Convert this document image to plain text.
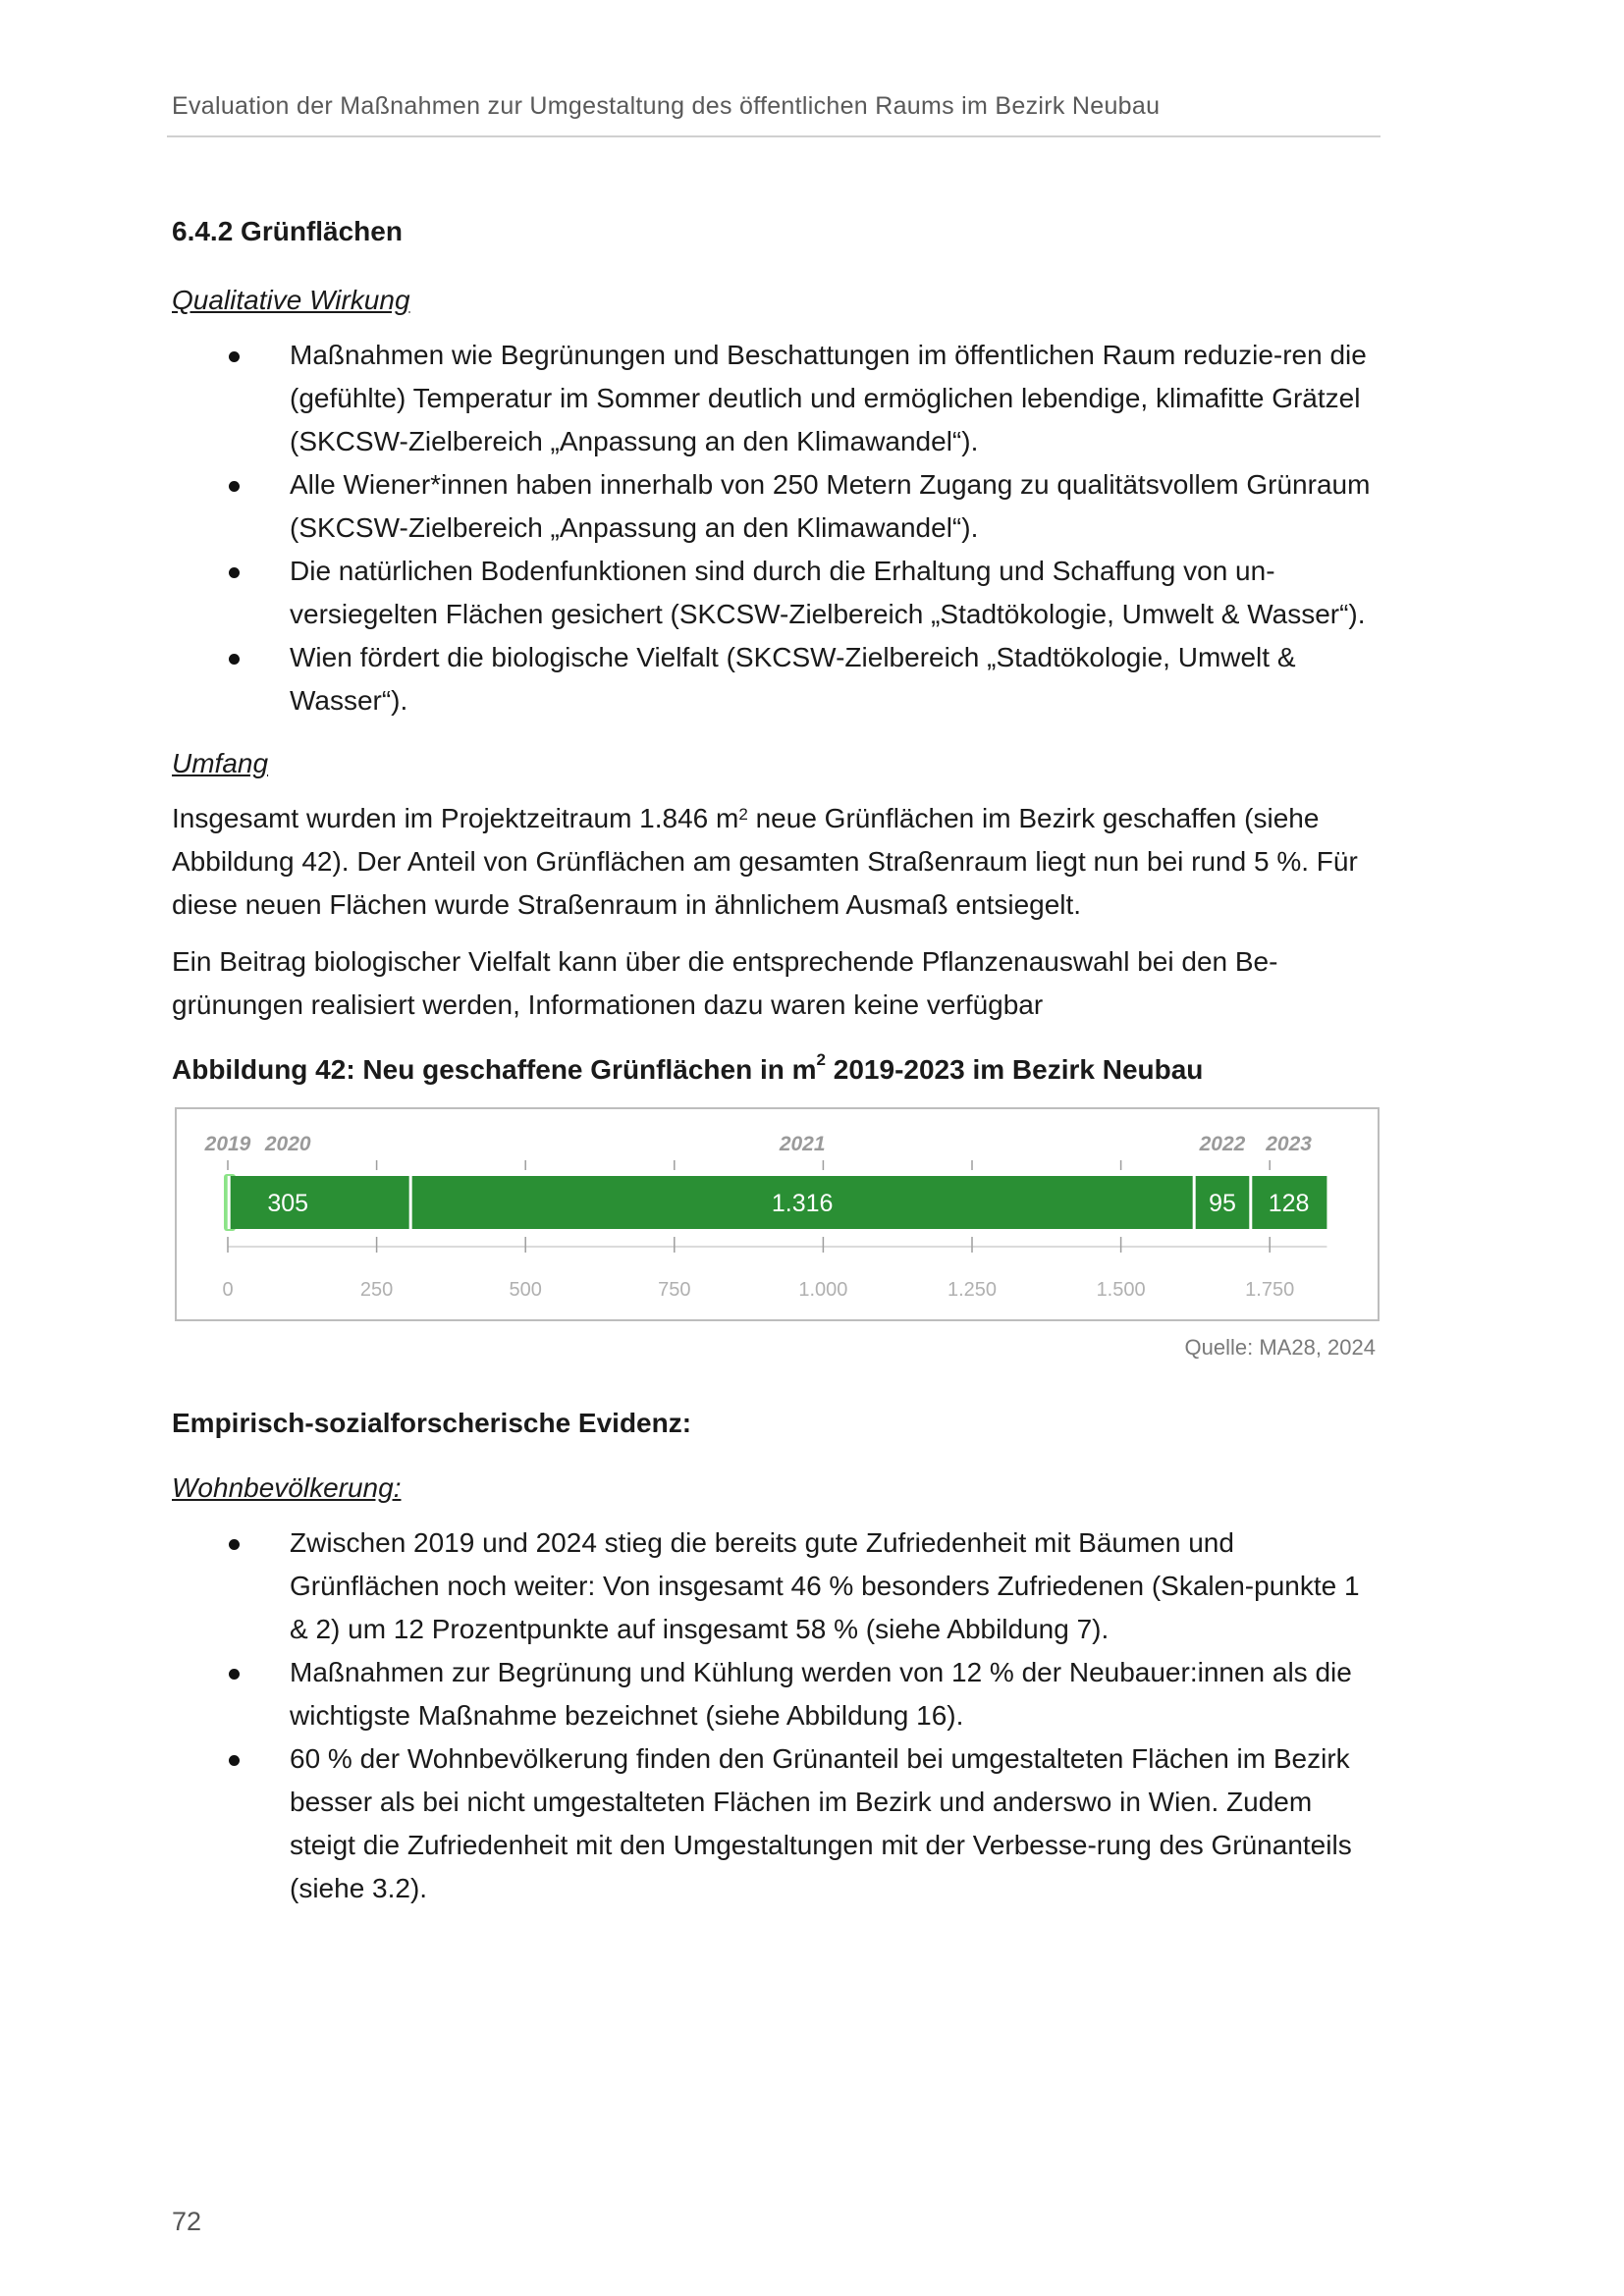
Evaluation der Maßnahmen zur Umgestaltung des öffentlichen Raums im Bezirk Neubau
6.4.2 Grünflächen
Qualitative Wirkung
Maßnahmen wie Begrünungen und Beschattungen im öffentlichen Raum reduzie-ren die (gefühlte) Temperatur im Sommer deutlich und ermöglichen lebendige, klimafitte Grätzel (SKCSW-Zielbereich „Anpassung an den Klimawandel“).
Alle Wiener*innen haben innerhalb von 250 Metern Zugang zu qualitätsvollem Grünraum (SKCSW-Zielbereich „Anpassung an den Klimawandel“).
Die natürlichen Bodenfunktionen sind durch die Erhaltung und Schaffung von un-versiegelten Flächen gesichert (SKCSW-Zielbereich „Stadtökologie, Umwelt & Wasser“).
Wien fördert die biologische Vielfalt (SKCSW-Zielbereich „Stadtökologie, Umwelt & Wasser“).
Umfang

Insgesamt wurden im Projektzeitraum 1.846 $m^2$ neue Grünflächen im Bezirk geschaffen (siehe Abbildung 42). Der Anteil von Grünflächen am gesamten Straßenraum liegt nun bei rund 5 %. Für diese neuen Flächen wurde Straßenraum in ähnlichem Ausmaß entsiegelt.

Ein Beitrag biologischer Vielfalt kann über die entsprechende Pflanzenauswahl bei den Be-grünungen realisiert werden, Informationen dazu waren keine verfügbar

Abbildung 42: Neu geschaffene Grünflächen in $m^2$ 2019-2023 im Bezirk Neubau
0	250	500	750	1.000	1.250	1.500	1.750
2019
305
2020
1.316
2021
95
2022
128
2023
Quelle: MA28, 2024
Empirisch-sozialforscherische Evidenz:
Wohnbevölkerung:
Zwischen 2019 und 2024 stieg die bereits gute Zufriedenheit mit Bäumen und Grünflächen noch weiter: Von insgesamt 46 % besonders Zufriedenen (Skalen-punkte 1 & 2) um 12 Prozentpunkte auf insgesamt 58 % (siehe Abbildung 7).
Maßnahmen zur Begrünung und Kühlung werden von 12 % der Neubauer:innen als die wichtigste Maßnahme bezeichnet (siehe Abbildung 16).
60 % der Wohnbevölkerung finden den Grünanteil bei umgestalteten Flächen im Bezirk besser als bei nicht umgestalteten Flächen im Bezirk und anderswo in Wien. Zudem steigt die Zufriedenheit mit den Umgestaltungen mit der Verbesse-rung des Grünanteils (siehe 3.2).
72
